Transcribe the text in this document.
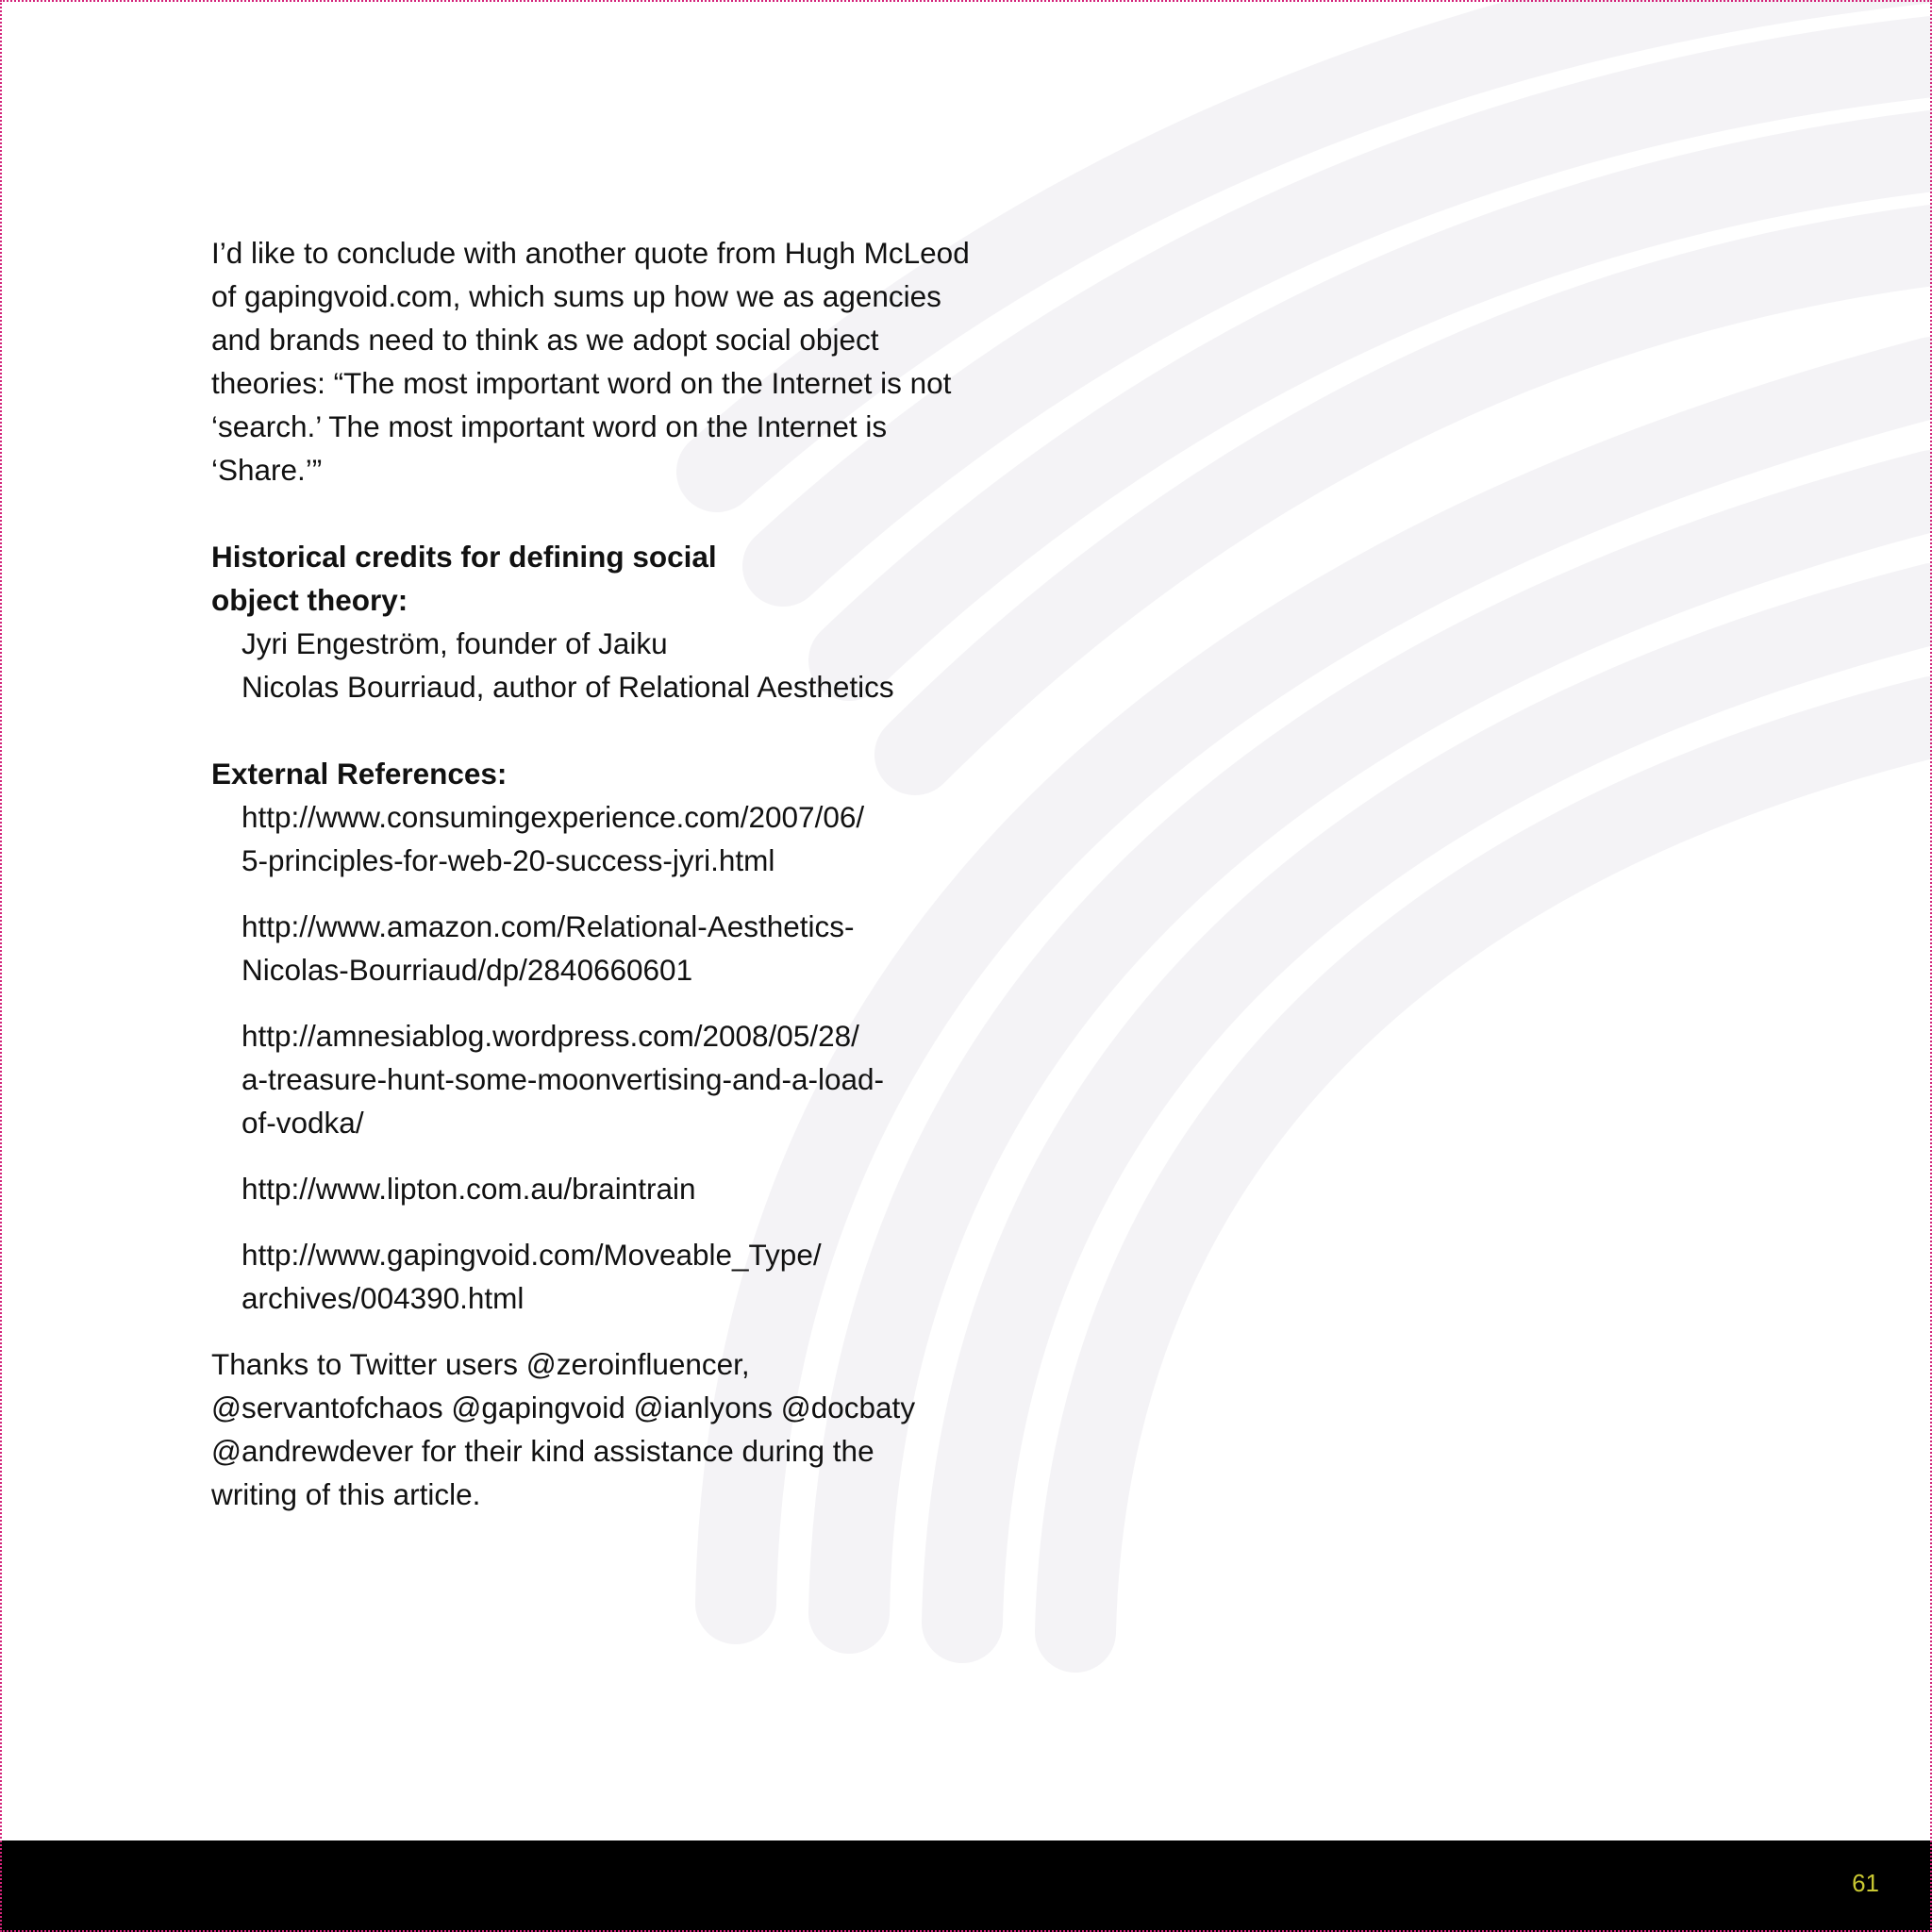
I’d like to conclude with another quote from Hugh McLeod of gapingvoid.com, which sums up how we as agencies and brands need to think as we adopt social object theories: “The most important word on the Internet is not ‘search.’ The most important word on the Internet is ‘Share.’”

Historical credits for defining social
object theory:
Jyri Engeström, founder of Jaiku
Nicolas Bourriaud, author of Relational Aesthetics
External References:
http://www.consumingexperience.com/2007/06/
5-principles-for-web-20-success-jyri.html
http://www.amazon.com/Relational-Aesthetics-
Nicolas-Bourriaud/dp/2840660601
http://amnesiablog.wordpress.com/2008/05/28/
a-treasure-hunt-some-moonvertising-and-a-load-
of-vodka/
http://www.lipton.com.au/braintrain
http://www.gapingvoid.com/Moveable_Type/
archives/004390.html
Thanks to Twitter users @zeroinfluencer,
@servantofchaos @gapingvoid @ianlyons @docbaty
@andrewdever for their kind assistance during the
writing of this article.
61
